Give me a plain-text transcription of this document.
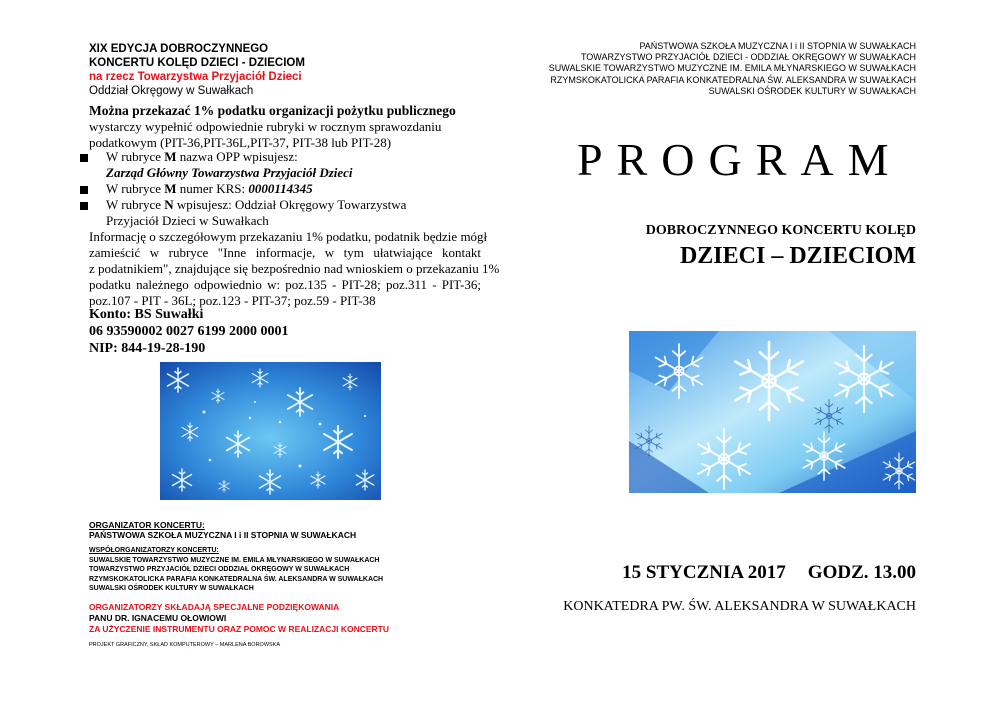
XIX EDYCJA DOBROCZYNNEGO
KONCERTU KOLĘD DZIECI - DZIECIOM
na rzecz Towarzystwa Przyjaciół Dzieci
Oddział Okręgowy w Suwałkach
Można przekazać 1% podatku organizacji pożytku publicznego
wystarczy wypełnić odpowiednie rubryki w rocznym sprawozdaniu
podatkowym (PIT-36,PIT-36L,PIT-37, PIT-38 lub PIT-28)
W rubryce M nazwa OPP wpisujesz:
Zarząd Główny Towarzystwa Przyjaciół Dzieci
W rubryce M numer KRS: 0000114345
W rubryce N wpisujesz: Oddział Okręgowy Towarzystwa
Przyjaciół Dzieci w Suwałkach
Informację o szczegółowym przekazaniu 1% podatku, podatnik będzie mógł
zamieścić w rubryce "Inne informacje, w tym ułatwiające kontakt
z podatnikiem", znajdujące się bezpośrednio nad wnioskiem o przekazaniu 1%
podatku należnego odpowiednio w: poz.135 - PIT-28; poz.311 - PIT-36;
poz.107 - PIT - 36L; poz.123 - PIT-37; poz.59 - PIT-38
Konto: BS Suwałki
06 93590002 0027 6199 2000 0001
NIP: 844-19-28-190
ORGANIZATOR KONCERTU:
PAŃSTWOWA SZKOŁA MUZYCZNA I i II STOPNIA W SUWAŁKACH
WSPÓŁORGANIZATORZY KONCERTU:
SUWALSKIE TOWARZYSTWO MUZYCZNE IM. EMILA MŁYNARSKIEGO W SUWAŁKACH
TOWARZYSTWO PRZYJACIÓŁ DZIECI ODDZIAŁ OKRĘGOWY W SUWAŁKACH
RZYMSKOKATOLICKA PARAFIA KONKATEDRALNA ŚW. ALEKSANDRA W SUWAŁKACH
SUWALSKI OŚRODEK KULTURY W SUWAŁKACH
ORGANIZATORZY SKŁADAJĄ SPECJALNE PODZIĘKOWANIA
PANU DR. IGNACEMU OŁOWIOWI
ZA UŻYCZENIE INSTRUMENTU ORAZ POMOC W REALIZACJI KONCERTU
PROJEKT GRAFICZNY, SKŁAD KOMPUTEROWY – MARLENA BOROWSKA
PAŃSTWOWA SZKOŁA MUZYCZNA I i II STOPNIA W SUWAŁKACH
TOWARZYSTWO PRZYJACIÓŁ DZIECI - ODDZIAŁ OKRĘGOWY W SUWAŁKACH
SUWALSKIE TOWARZYSTWO MUZYCZNE IM. EMILA MŁYNARSKIEGO W SUWAŁKACH
RZYMSKOKATOLICKA PARAFIA KONKATEDRALNA ŚW. ALEKSANDRA W SUWAŁKACH
SUWALSKI OŚRODEK KULTURY W SUWAŁKACH
PROGRAM
DOBROCZYNNEGO KONCERTU KOLĘD
DZIECI – DZIECIOM
15 STYCZNIA 2017 GODZ. 13.00
KONKATEDRA PW. ŚW. ALEKSANDRA W SUWAŁKACH
